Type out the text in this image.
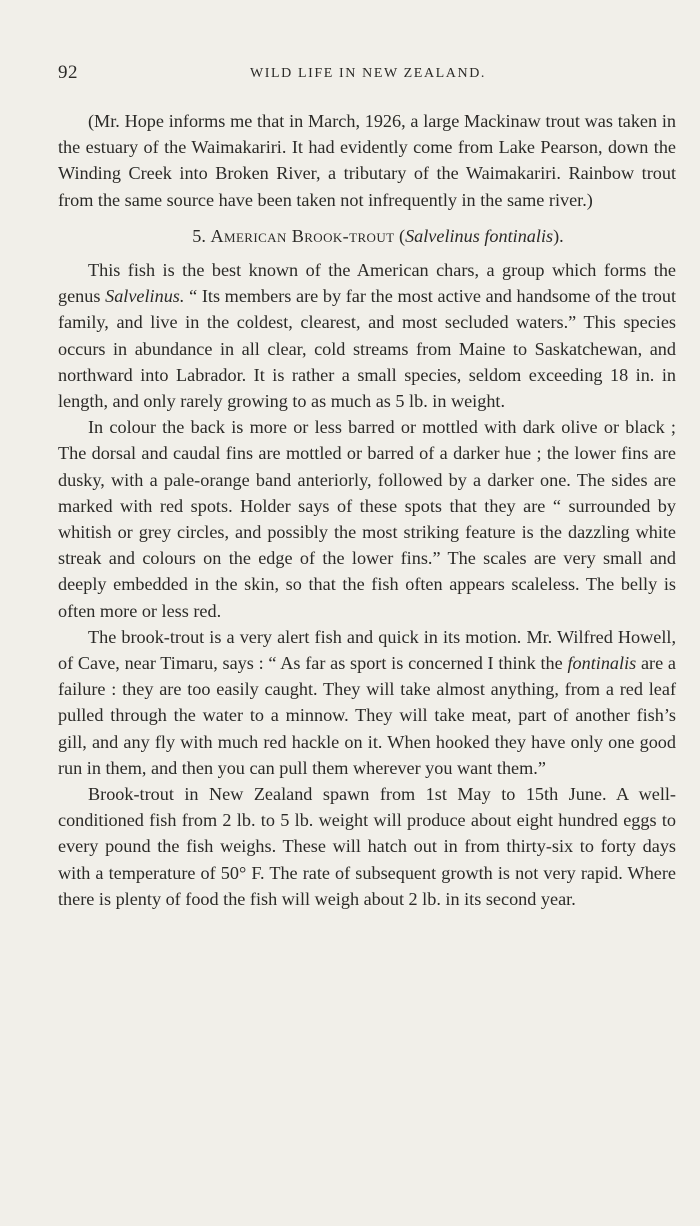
92	WILD LIFE IN NEW ZEALAND.

(Mr. Hope informs me that in March, 1926, a large Mackinaw trout was taken in the estuary of the Waimakariri. It had evidently come from Lake Pearson, down the Winding Creek into Broken River, a tributary of the Waimakariri. Rainbow trout from the same source have been taken not infrequently in the same river.)

5. American Brook-trout (Salvelinus fontinalis).

This fish is the best known of the American chars, a group which forms the genus Salvelinus. “ Its members are by far the most active and handsome of the trout family, and live in the coldest, clearest, and most secluded waters.” This species occurs in abundance in all clear, cold streams from Maine to Saskatchewan, and northward into Labrador. It is rather a small species, seldom exceeding 18 in. in length, and only rarely growing to as much as 5 lb. in weight.

In colour the back is more or less barred or mottled with dark olive or black ; The dorsal and caudal fins are mottled or barred of a darker hue ; the lower fins are dusky, with a pale-orange band anteriorly, followed by a darker one. The sides are marked with red spots. Holder says of these spots that they are “ surrounded by whitish or grey circles, and possibly the most striking feature is the dazzling white streak and colours on the edge of the lower fins.” The scales are very small and deeply embedded in the skin, so that the fish often appears scaleless. The belly is often more or less red.

The brook-trout is a very alert fish and quick in its motion. Mr. Wilfred Howell, of Cave, near Timaru, says : “ As far as sport is concerned I think the fontinalis are a failure : they are too easily caught. They will take almost anything, from a red leaf pulled through the water to a minnow. They will take meat, part of another fish’s gill, and any fly with much red hackle on it. When hooked they have only one good run in them, and then you can pull them wherever you want them.”

Brook-trout in New Zealand spawn from 1st May to 15th June. A well-conditioned fish from 2 lb. to 5 lb. weight will produce about eight hundred eggs to every pound the fish weighs. These will hatch out in from thirty-six to forty days with a temperature of 50° F. The rate of subsequent growth is not very rapid. Where there is plenty of food the fish will weigh about 2 lb. in its second year.
